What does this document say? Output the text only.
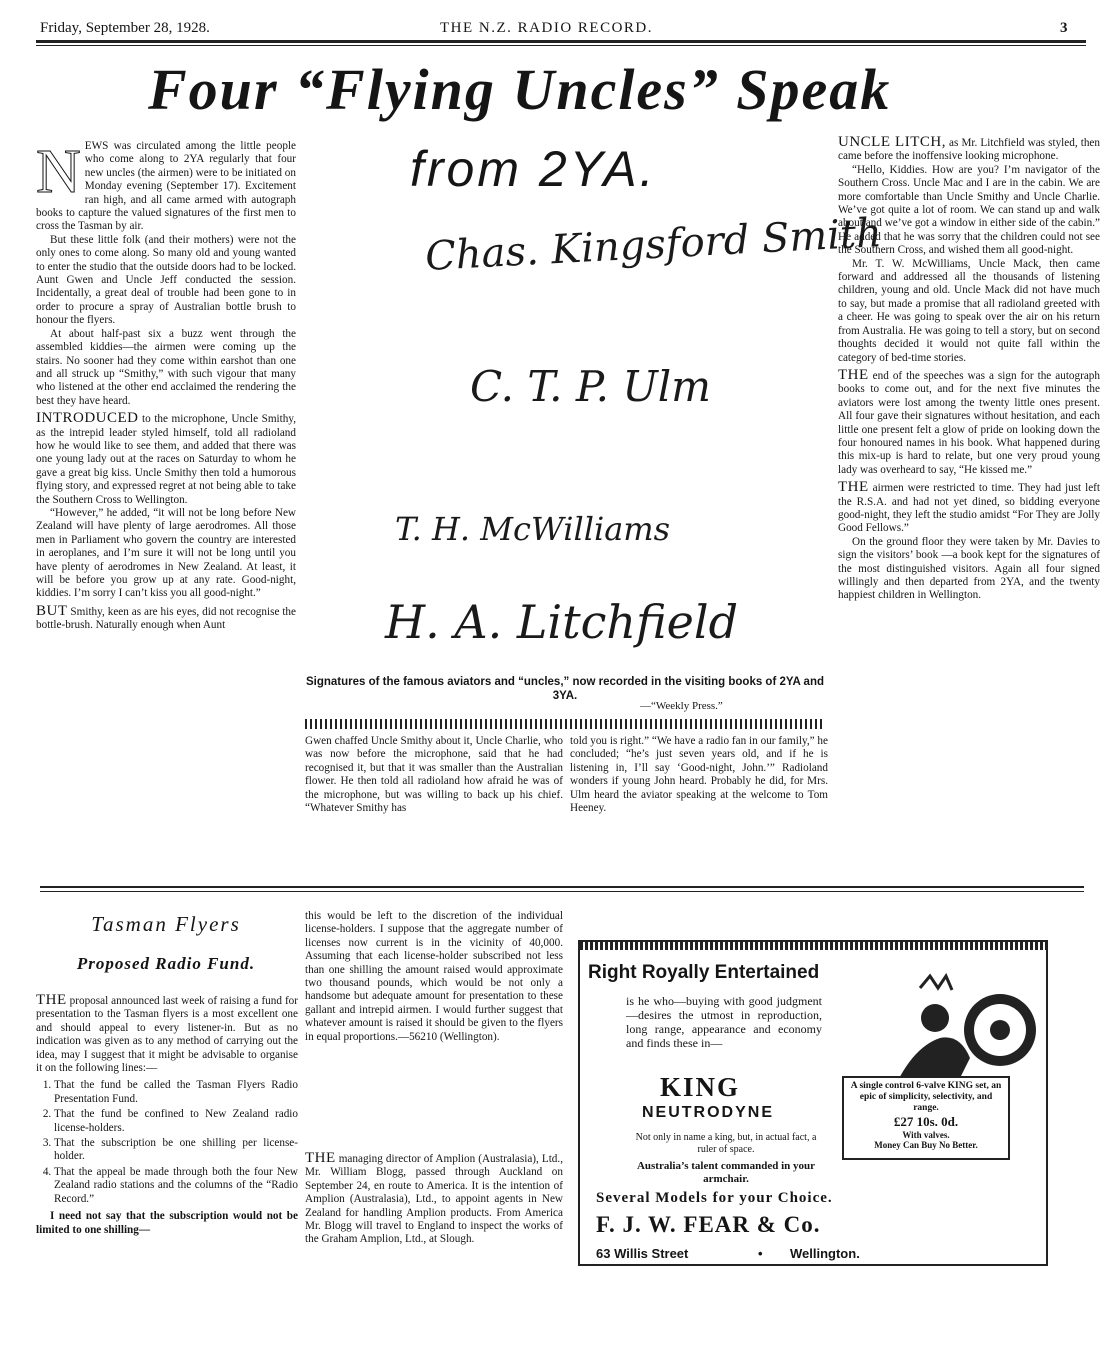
Friday, September 28, 1928.	THE N.Z. RADIO RECORD.	3
Four “Flying Uncles” Speak
from 2YA.
Chas. Kingsford Smith
C. T. P. Ulm
T. H. McWilliams
H. A. Litchfield
Signatures of the famous aviators and “uncles,” now recorded in the visiting books of 2YA and 3YA.
—“Weekly Press.”
N EWS was circulated among the little people who come along to 2YA regularly that four new uncles (the airmen) were to be initiated on Monday evening (September 17). Excitement ran high, and all came armed with autograph books to capture the valued signatures of the first men to cross the Tasman by air.

But these little folk (and their mothers) were not the only ones to come along. So many old and young wanted to enter the studio that the outside doors had to be locked. Aunt Gwen and Uncle Jeff conducted the session. Incidentally, a great deal of trouble had been gone to in order to procure a spray of Australian bottle brush to honour the flyers.

At about half-past six a buzz went through the assembled kiddies—the airmen were coming up the stairs. No sooner had they come within earshot than one and all struck up “Smithy,” with such vigour that many who listened at the other end acclaimed the rendering the best they have heard.

INTRODUCED to the microphone, Uncle Smithy, as the intrepid leader styled himself, told all radioland how he would like to see them, and added that there was one young lady out at the races on Saturday to whom he gave a great big kiss. Uncle Smithy then told a humorous flying story, and expressed regret at not being able to take the Southern Cross to Wellington.

“However,” he added, “it will not be long before New Zealand will have plenty of large aerodromes. All those men in Parliament who govern the country are interested in aeroplanes, and I’m sure it will not be long until you have plenty of aerodromes in New Zealand. At least, it will be before you grow up at any rate. Good-night, kiddies. I’m sorry I can’t kiss you all good-night.”

BUT Smithy, keen as are his eyes, did not recognise the bottle-brush. Naturally enough when Aunt

Gwen chaffed Uncle Smithy about it, Uncle Charlie, who was now before the microphone, said that he had recognised it, but that it was smaller than the Australian flower. He then told all radioland how afraid he was of the microphone, but was willing to back up his chief. “Whatever Smithy has

told you is right.” “We have a radio fan in our family,” he concluded; “he’s just seven years old, and if he is listening in, I’ll say ‘Good-night, John.’” Radioland wonders if young John heard. Probably he did, for Mrs. Ulm heard the aviator speaking at the welcome to Tom Heeney.

UNCLE LITCH, as Mr. Litchfield was styled, then came before the inoffensive looking microphone.

“Hello, Kiddies. How are you? I’m navigator of the Southern Cross. Uncle Mac and I are in the cabin. We are more comfortable than Uncle Smithy and Uncle Charlie. We’ve got quite a lot of room. We can stand up and walk about and we’ve got a window in either side of the cabin.” He added that he was sorry that the children could not see the Southern Cross, and wished them all good-night.

Mr. T. W. McWilliams, Uncle Mack, then came forward and addressed all the thousands of listening children, young and old. Uncle Mack did not have much to say, but made a promise that all radioland greeted with a cheer. He was going to speak over the air on his return from Australia. He was going to tell a story, but on second thoughts decided it would not quite fall within the category of bed-time stories.

THE end of the speeches was a sign for the autograph books to come out, and for the next five minutes the aviators were lost among the twenty little ones present. All four gave their signatures without hesitation, and each little one present felt a glow of pride on looking down the four honoured names in his book. What happened during this mix-up is hard to relate, but one very proud young lady was overheard to say, “He kissed me.”

THE airmen were restricted to time. They had just left the R.S.A. and had not yet dined, so bidding everyone good-night, they left the studio amidst “For They are Jolly Good Fellows.”

On the ground floor they were taken by Mr. Davies to sign the visitors’ book —a book kept for the signatures of the most distinguished visitors. Again all four signed willingly and then departed from 2YA, and the twenty happiest children in Wellington.

Tasman Flyers
Proposed Radio Fund.

THE proposal announced last week of raising a fund for presentation to the Tasman flyers is a most excellent one and should appeal to every listener-in. But as no indication was given as to any method of carrying out the idea, may I suggest that it might be advisable to organise it on the following lines:—

1. That the fund be called the Tasman Flyers Radio Presentation Fund.
2. That the fund be confined to New Zealand radio license-holders.
3. That the subscription be one shilling per license-holder.
4. That the appeal be made through both the four New Zealand radio stations and the columns of the “Radio Record.”

I need not say that the subscription would not be limited to one shilling—

this would be left to the discretion of the individual license-holders. I suppose that the aggregate number of licenses now current is in the vicinity of 40,000. Assuming that each license-holder subscribed not less than one shilling the amount raised would approximate two thousand pounds, which would be not only a handsome but adequate amount for presentation to these gallant and intrepid airmen. I would further suggest that whatever amount is raised it should be given to the flyers in equal proportions.—56210 (Wellington).

THE managing director of Amplion (Australasia), Ltd., Mr. William Blogg, passed through Auckland on September 24, en route to America. It is the intention of Amplion (Australasia), Ltd., to appoint agents in New Zealand for handling Amplion products. From America Mr. Blogg will travel to England to inspect the works of the Graham Amplion, Ltd., at Slough.

Right Royally Entertained
is he who—buying with good judgment—desires the utmost in reproduction, long range, appearance and economy and finds these in—
KING
NEUTRODYNE
Not only in name a king, but, in actual fact, a ruler of space.
Australia’s talent commanded in your armchair.
A single control 6-valve KING set, an epic of simplicity, selectivity, and range.
£27 10s. 0d.
With valves.
Money Can Buy No Better.
Several Models for your Choice.
F. J. W. FEAR & Co.
63 Willis Street	• Wellington.
